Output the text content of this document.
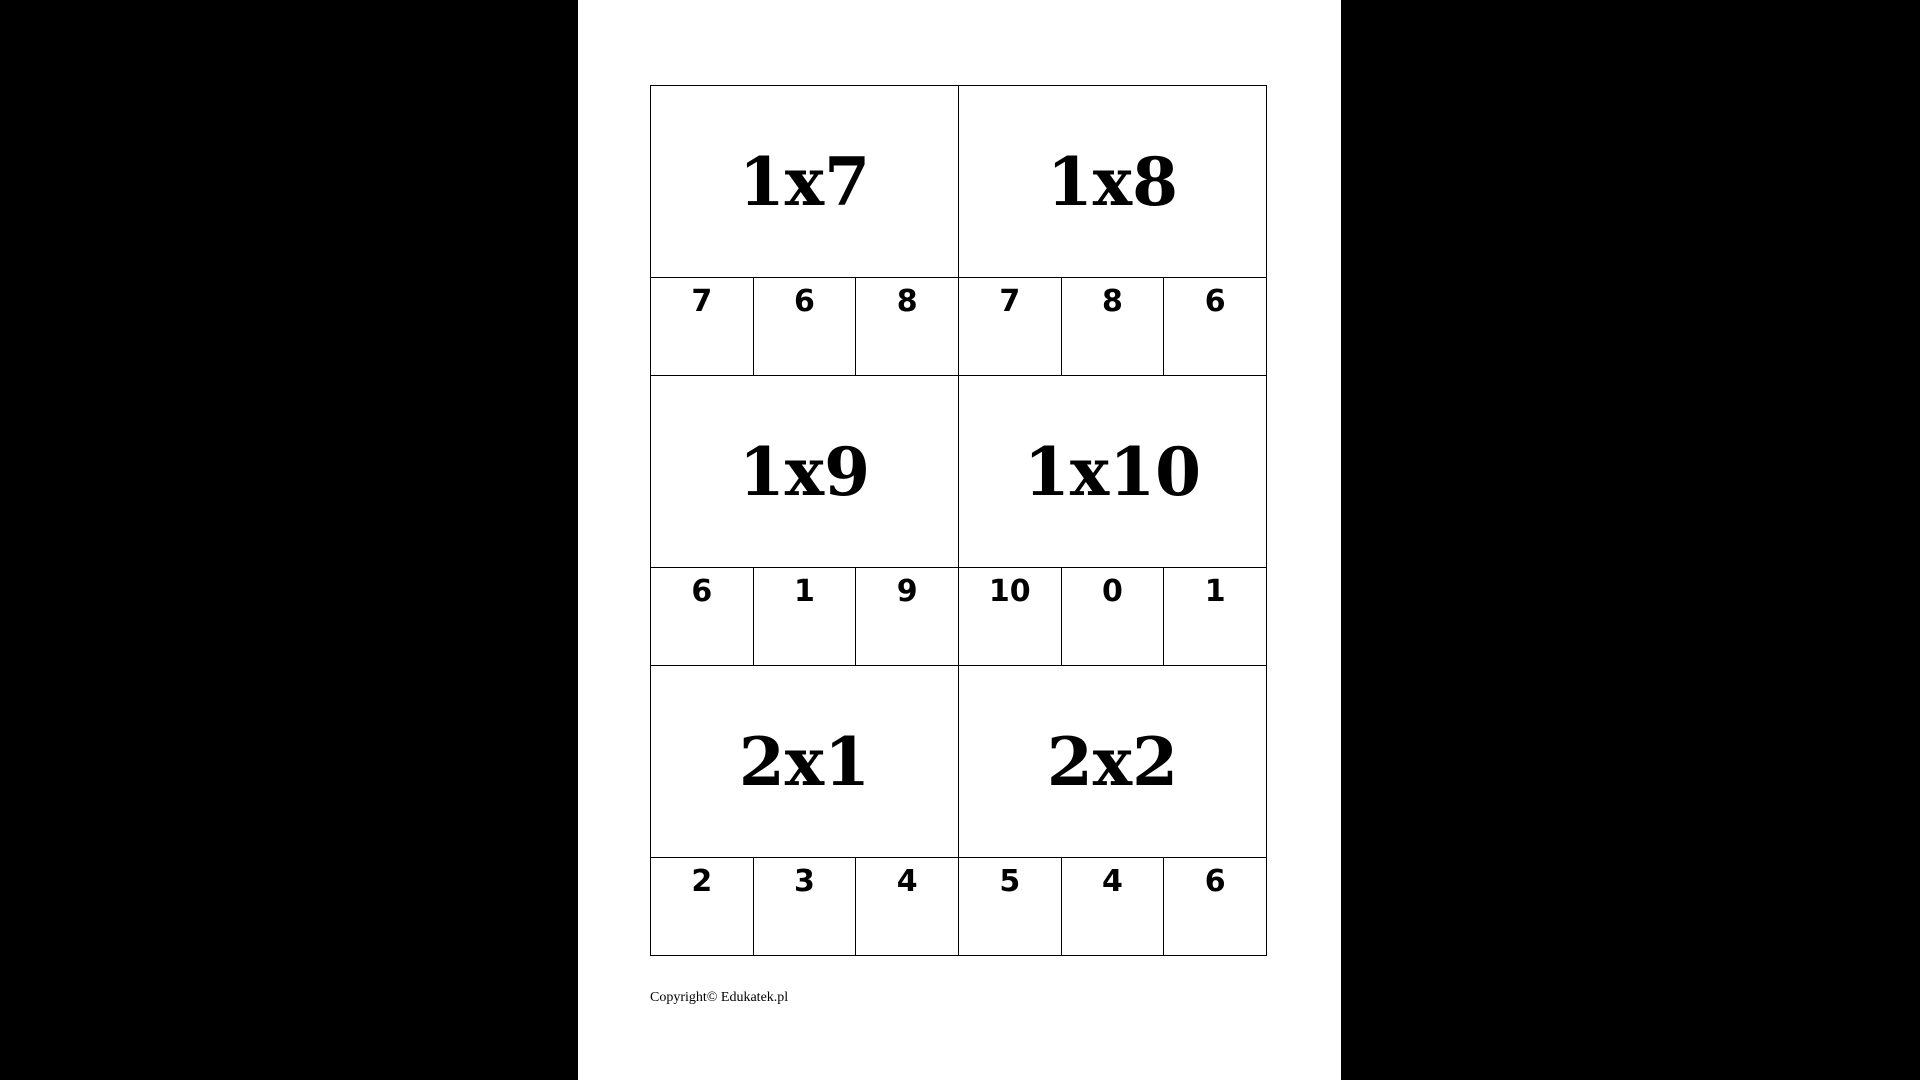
1x7			1x8		
7	6	8	7	8	6
1x9			1x10		
6	1	9	10	0	1
2x1			2x2		
2	3	4	5	4	6
Copyright© Edukatek.pl
